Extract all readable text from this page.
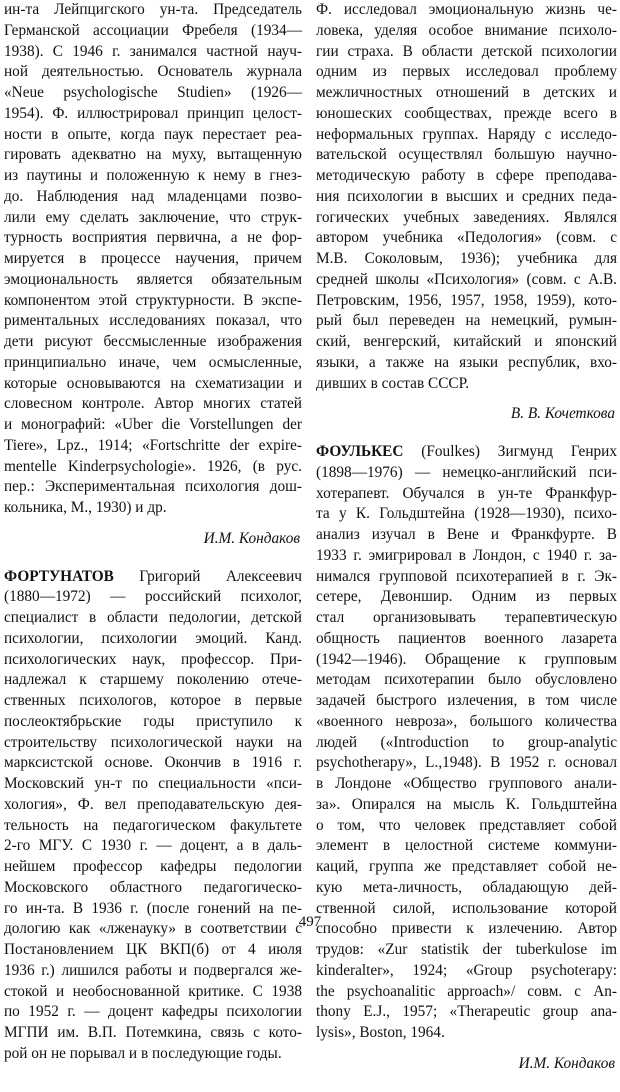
ин-та Лейпцигского ун-та. Председатель
Германской ассоциации Фребеля (1934—
1938). С 1946 г. занимался частной науч-
ной деятельностью. Основатель журнала
«Neue psychologische Studien» (1926—
1954). Ф. иллюстрировал принцип целост-
ности в опыте, когда паук перестает реа-
гировать адекватно на муху, вытащенную
из паутины и положенную к нему в гнез-
до. Наблюдения над младенцами позво-
лили ему сделать заключение, что струк-
турность восприятия первична, а не фор-
мируется в процессе научения, причем
эмоциональность является обязательным
компонентом этой структурности. В экспе-
риментальных исследованиях показал, что
дети рисуют бессмысленные изображения
принципиально иначе, чем осмысленные,
которые основываются на схематизации и
словесном контроле. Автор многих статей
и монографий: «Uber die Vorstellungen der
Tiere», Lpz., 1914; «Fortschritte der expire-
mentelle Kinderpsychologie». 1926, (в рус.
пер.: Экспериментальная психология дош-
кольника, М., 1930) и др.
И.М. Кондаков
ФОРТУНАТОВ Григорий Алексеевич
(1880—1972) — российский психолог,
специалист в области педологии, детской
психологии, психологии эмоций. Канд.
психологических наук, профессор. При-
надлежал к старшему поколению отече-
ственных психологов, которое в первые
послеоктябрьские годы приступило к
строительству психологической науки на
марксистской основе. Окончив в 1916 г.
Московский ун-т по специальности «пси-
хология», Ф. вел преподавательскую дея-
тельность на педагогическом факультете
2-го МГУ. С 1930 г. — доцент, а в даль-
нейшем профессор кафедры педологии
Московского областного педагогическо-
го ин-та. В 1936 г. (после гонений на пе-
дологию как «лженауку» в соответствии с
Постановлением ЦК ВКП(б) от 4 июля
1936 г.) лишился работы и подвергался же-
стокой и необоснованной критике. С 1938
по 1952 г. — доцент кафедры психологии
МГПИ им. В.П. Потемкина, связь с кото-
рой он не порывал и в последующие годы.
Ф. исследовал эмоциональную жизнь че-
ловека, уделяя особое внимание психоло-
гии страха. В области детской психологии
одним из первых исследовал проблему
межличностных отношений в детских и
юношеских сообществах, прежде всего в
неформальных группах. Наряду с исследо-
вательской осуществлял большую научно-
методическую работу в сфере преподава-
ния психологии в высших и средних педа-
гогических учебных заведениях. Являлся
автором учебника «Педология» (совм. с
М.В. Соколовым, 1936); учебника для
средней школы «Психология» (совм. с А.В.
Петровским, 1956, 1957, 1958, 1959), кото-
рый был переведен на немецкий, румын-
ский, венгерский, китайский и японский
языки, а также на языки республик, вхо-
дивших в состав СССР.
В. В. Кочеткова
ФОУЛЬКЕС (Foulkes) Зигмунд Генрих
(1898—1976) — немецко-английский пси-
хотерапевт. Обучался в ун-те Франкфур-
та у К. Гольдштейна (1928—1930), психо-
анализ изучал в Вене и Франкфурте. В
1933 г. эмигрировал в Лондон, с 1940 г. за-
нимался групповой психотерапией в г. Эк-
сетере, Девоншир. Одним из первых
стал организовывать терапевтическую
общность пациентов военного лазарета
(1942—1946). Обращение к групповым
методам психотерапии было обусловлено
задачей быстрого излечения, в том числе
«военного невроза», большого количества
людей («Introduction to group-analytic
psychotherapy», L.,1948). В 1952 г. основал
в Лондоне «Общество группового анали-
за». Опирался на мысль К. Гольдштейна
о том, что человек представляет собой
элемент в целостной системе коммуни-
каций, группа же представляет собой не-
кую мета-личность, обладающую дей-
ственной силой, использование которой
способно привести к излечению. Автор
трудов: «Zur statistik der tuberkulose im
kinderalter», 1924; «Group psychoterapy:
the psychoanalitic approach»/ совм. с An-
thony E.J., 1957; «Therapeutic group ana-
lysis», Boston, 1964.
И.М. Кондаков
497
